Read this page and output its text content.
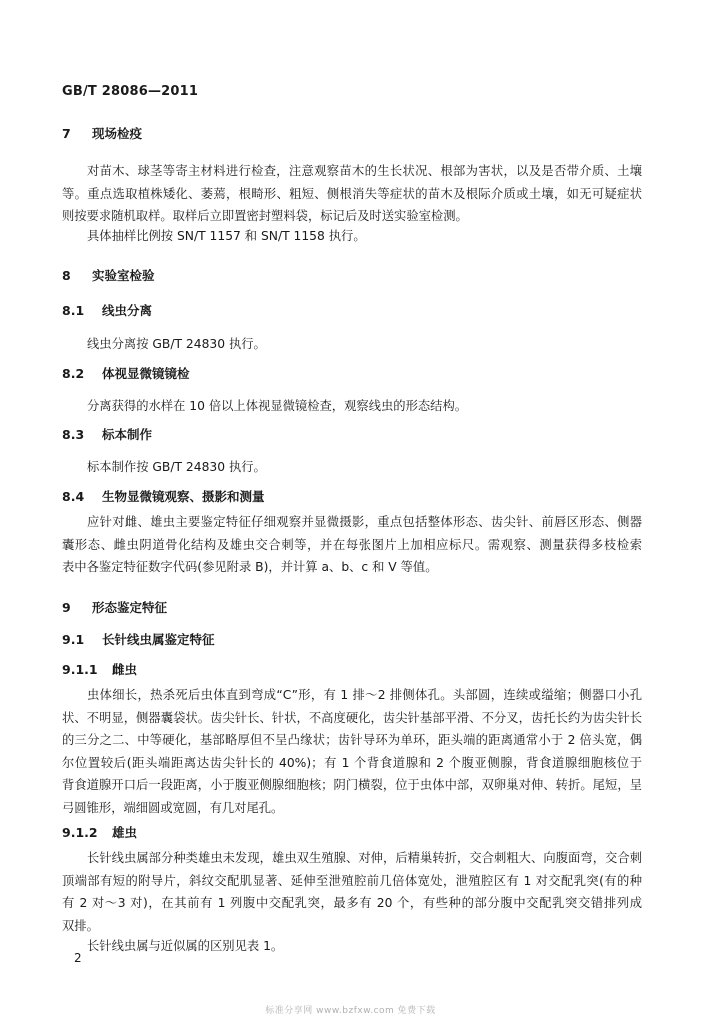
GB/T 28086—2011
7 现场检疫
对苗木、球茎等寄主材料进行检查，注意观察苗木的生长状况、根部为害状，以及是否带介质、土壤
等。重点选取植株矮化、萎蔫，根畸形、粗短、侧根消失等症状的苗木及根际介质或土壤，如无可疑症状
则按要求随机取样。取样后立即置密封塑料袋，标记后及时送实验室检测。
具体抽样比例按 SN/T 1157 和 SN/T 1158 执行。
8 实验室检验
8.1 线虫分离
线虫分离按 GB/T 24830 执行。
8.2 体视显微镜镜检
分离获得的水样在 10 倍以上体视显微镜检查，观察线虫的形态结构。
8.3 标本制作
标本制作按 GB/T 24830 执行。
8.4 生物显微镜观察、摄影和测量
应针对雌、雄虫主要鉴定特征仔细观察并显微摄影，重点包括整体形态、齿尖针、前唇区形态、侧器
囊形态、雌虫阴道骨化结构及雄虫交合刺等，并在每张图片上加相应标尺。需观察、测量获得多枝检索
表中各鉴定特征数字代码(参见附录 B)，并计算 a、b、c 和 V 等值。
9 形态鉴定特征
9.1 长针线虫属鉴定特征
9.1.1 雌虫
虫体细长，热杀死后虫体直到弯成“C”形，有 1 排～2 排侧体孔。头部圆，连续或缢缩；侧器口小孔
状、不明显，侧器囊袋状。齿尖针长、针状，不高度硬化，齿尖针基部平滑、不分叉，齿托长约为齿尖针长
的三分之二、中等硬化，基部略厚但不呈凸缘状；齿针导环为单环，距头端的距离通常小于 2 倍头宽，偶
尔位置较后(距头端距离达齿尖针长的 40%)；有 1 个背食道腺和 2 个腹亚侧腺，背食道腺细胞核位于
背食道腺开口后一段距离，小于腹亚侧腺细胞核；阴门横裂，位于虫体中部，双卵巢对伸、转折。尾短，呈
弓圆锥形，端细圆或宽圆，有几对尾孔。
9.1.2 雄虫
长针线虫属部分种类雄虫未发现，雄虫双生殖腺、对伸，后精巢转折，交合刺粗大、向腹面弯，交合刺
顶端部有短的附导片，斜纹交配肌显著、延伸至泄殖腔前几倍体宽处，泄殖腔区有 1 对交配乳突(有的种
有 2 对～3 对)，在其前有 1 列腹中交配乳突，最多有 20 个，有些种的部分腹中交配乳突交错排列成
双排。
长针线虫属与近似属的区别见表 1。
2
标准分享网 www.bzfxw.com 免费下载
